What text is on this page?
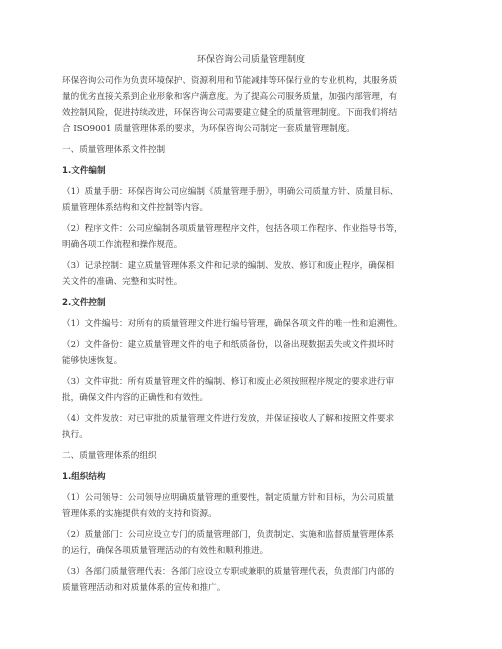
环保咨询公司质量管理制度
环保咨询公司作为负责环境保护、资源利用和节能减排等环保行业的专业机构，其服务质
量的优劣直接关系到企业形象和客户满意度。为了提高公司服务质量，加强内部管理，有
效控制风险，促进持续改进，环保咨询公司需要建立健全的质量管理制度。下面我们将结
合 ISO9001 质量管理体系的要求，为环保咨询公司制定一套质量管理制度。
一、质量管理体系文件控制
1.文件编制
（1）质量手册：环保咨询公司应编制《质量管理手册》，明确公司质量方针、质量目标、
质量管理体系结构和文件控制等内容。
（2）程序文件：公司应编制各项质量管理程序文件，包括各项工作程序、作业指导书等，
明确各项工作流程和操作规范。
（3）记录控制：建立质量管理体系文件和记录的编制、发放、修订和废止程序，确保相
关文件的准确、完整和实时性。
2.文件控制
（1）文件编号：对所有的质量管理文件进行编号管理，确保各项文件的唯一性和追溯性。
（2）文件备份：建立质量管理文件的电子和纸质备份，以备出现数据丢失或文件损坏时
能够快速恢复。
（3）文件审批：所有质量管理文件的编制、修订和废止必须按照程序规定的要求进行审
批，确保文件内容的正确性和有效性。
（4）文件发放：对已审批的质量管理文件进行发放，并保证接收人了解和按照文件要求
执行。
二、质量管理体系的组织
1.组织结构
（1）公司领导：公司领导应明确质量管理的重要性，制定质量方针和目标，为公司质量
管理体系的实施提供有效的支持和资源。
（2）质量部门：公司应设立专门的质量管理部门，负责制定、实施和监督质量管理体系
的运行，确保各项质量管理活动的有效性和顺利推进。
（3）各部门质量管理代表：各部门应设立专职或兼职的质量管理代表，负责部门内部的
质量管理活动和对质量体系的宣传和推广。
